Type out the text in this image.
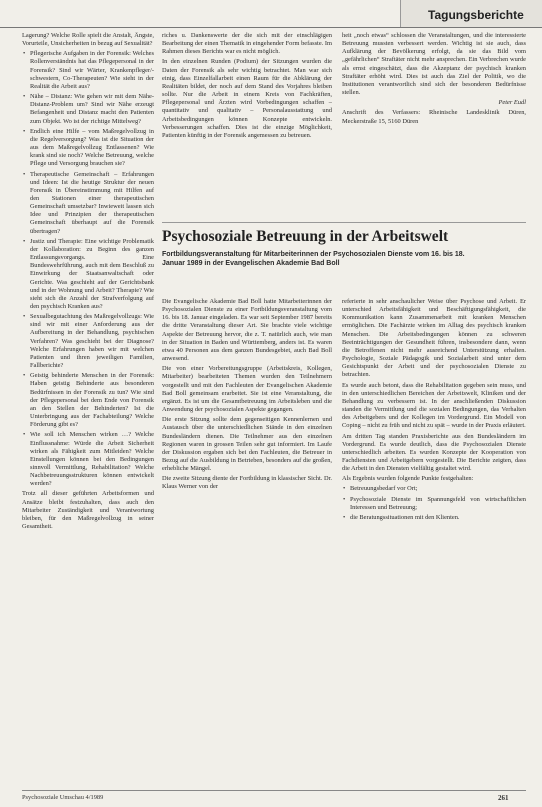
Tagungsberichte

Lagerung? Welche Rolle spielt die Anstalt, Ängste, Vorurteile, Unsicherheiten in bezug auf Sexualität?

• Pflegerische Aufgaben in der Forensik: Welches Rollenverständnis hat das Pflegepersonal in der Forensik? Sind wir Wärter, Krankenpfleger/-schwestern, Co-Therapeuten? Wie sieht in der Realität die Arbeit aus?

• Nähe – Distanz: Wie gehen wir mit dem Nähe-Distanz-Problem um? Sind wir Nähe erzeugt Befangenheit und Distanz macht den Patienten zum Objekt. Wo ist der richtige Mittelweg?

• Endlich eine Hilfe – vom Maßregelvollzug in die Regelversorgung? Was ist die Situation der aus dem Maßregelvollzug Entlassenen? Wie krank sind sie noch? Welche Betreuung, welche Pflege und Versorgung brauchen sie?

• Therapeutische Gemeinschaft – Erfahrungen und Ideen: Ist die heutige Struktur der neuen Forensik in Übereinstimmung mit Hilfen auf den Stationen einer therapeutischen Gemeinschaft umsetzbar? Inwieweit lassen sich Idee und Prinzipien der therapeutischen Gemeinschaft überhaupt auf die Forensik übertragen?

• Justiz und Therapie: Eine wichtige Problematik der Kollaboration: zu Beginn des ganzen Entlassungsvorgangs. Eine Bundeswehrführung, auch mit dem Beschluß zu Einwirkung der Staatsanwaltschaft oder Gerichte. Was geschieht auf der Gerichtsbank und in der Wohnung und Arbeit? Therapie? Wie sieht sich die Anzahl der Strafverfolgung auf den psychisch Kranken aus?

• Sexualbegutachtung des Maßregelvollzugs: Wie sind wir mit einer Anforderung aus der Aufbereitung in der Behandlung, psychischen Verfahren? Was geschieht bei der Diagnose? Welche Erfahrungen haben wir mit welchen Patienten und ihren jeweiligen Familien, Fallberichte?

• Geistig behinderte Menschen in der Forensik: Haben geistig Behinderte aus besonderen Bedürfnissen in der Forensik zu tun? Wie sind der Pflegepersonal bei dem Ende von Forensik an den Stellen der Behinderten? Ist die Unterbringung aus der Fachabteilung? Welche Förderung gibt es?

• Wie soll ich Menschen wirken …? Welche Einflussnahme: Würde die Arbeit Sicherheit wirken als Fähigkeit zum Mitleiden? Welche Einstellungen können bei den Bedingungen sinnvoll Vermittlung, Rehabilitation? Welche Nachbetreuungsstrukturen können entwickelt werden?

Trotz all dieser geführten Arbeitsformen und Ansätze bleibt festzuhalten, dass auch den Mitarbeiter Zuständigkeit und Verantwortung bleiben, für den Maßregelvollzug in seiner Gesamtheit.

riches u. Dankenswerte der die sich mit der einschlägigen Bearbeitung der einen Thematik in eingehender Form befasste. Im Rahmen dieses Berichts war es nicht möglich.

In den einzelnen Runden (Podium) der Sitzungen wurden die Daten der Forensik als sehr wichtig betrachtet. Man war sich einig, dass Einzelfallarbeit einen Raum für die Abklärung der Realitäten bildet, der noch auf dem Stand des Vorjahres bleiben sollte. Nur die Arbeit in einem Kreis von Fachkräften, Pflegepersonal und Ärzten wird Vorbedingungen schaffen – quantitativ und qualitativ – Personalausstattung und Arbeitsbedingungen können Konzepte entwickeln. Verbesserungen schaffen. Dies ist die einzige Möglichkeit, Patienten künftig in der Forensik angemessen zu betreuen.

heit „noch etwas“ schlossen die Veranstaltungen, und die interessierte Betreuung mussten verbessert werden. Wichtig ist sie auch, dass Aufklärung der Bevölkerung erfolgt, da sie das Bild vom „gefährlichen“ Straftäter nicht mehr ansprechen. Ein Verbrechen wurde als ernst eingeschätzt, dass die Akzeptanz der psychisch kranken Straftäter erhöht wird. Dies ist auch das Ziel der Politik, wo die Institutionen verantwortlich sind sich der besonderen Bedürfnisse stellen.

Peter Eudl

Anschrift des Verfassers: Rheinische Landesklinik Düren, Meckerstraße 15, 5160 Düren

Psychosoziale Betreuung in der Arbeitswelt
Fortbildungsveranstaltung für Mitarbeiterinnen der Psychosozialen Dienste vom 16. bis 18. Januar 1989 in der Evangelischen Akademie Bad Boll

Die Evangelische Akademie Bad Boll hatte Mitarbeiterinnen der Psychosozialen Dienste zu einer Fortbildungsveranstaltung vom 16. bis 18. Januar eingeladen. Es war seit September 1987 bereits die dritte Veranstaltung dieser Art. Sie brachte viele wichtige Aspekte der Betreuung hervor, die z. T. natürlich auch, wie man in der Situation in Baden und Württemberg, anders ist. Es waren etwa 40 Personen aus dem ganzen Bundesgebiet, auch Bad Boll anwesend.

Die von einer Vorbereitungsgruppe (Arbeitskreis, Kollegen, Mitarbeiter) bearbeiteten Themen wurden den Teilnehmern vorgestellt und mit den Fachleuten der Evangelischen Akademie Bad Boll gemeinsam erarbeitet. Sie ist eine Veranstaltung, die ergänzt. Es ist um die Gesamtbetreuung im Arbeitsleben und die Anwendung der psychosozialen Aspekte gegangen.

Die erste Sitzung sollte dem gegenseitigen Kennenlernen und Austausch über die unterschiedlichen Stände in den einzelnen Bundesländern dienen. Die Teilnehmer aus den einzelnen Regionen waren in grossen Teilen sehr gut informiert. Im Laufe der Diskussion ergaben sich bei den Fachleuten, die Betreuer in Bezug auf die Ausbildung in Betrieben, besonders auf die großen, erhebliche Mängel.

Die zweite Sitzung diente der Fortbildung in klassischer Sicht. Dr. Klaus Werner von der

referierte in sehr anschaulicher Weise über Psychose und Arbeit. Er unterschied Arbeitsfähigkeit und Beschäftigungsfähigkeit, die Kommunikation kann Zusammenarbeit mit kranken Menschen ermöglichen. Die Fachärzte wirken im Alltag des psychisch kranken Menschen. Die Arbeitsbedingungen können zu schweren Beeinträchtigungen der Gesundheit führen, insbesondere dann, wenn die Betroffenen nicht mehr ausreichend Unterstützung erhalten. Psychologie, Soziale Pädagogik und Sozialarbeit sind unter dem Gesichtspunkt der Arbeit und der psychosozialen Dienste zu betrachten.

Es wurde auch betont, dass die Rehabilitation gegeben sein muss, und in den unterschiedlichen Bereichen der Arbeitswelt, Kliniken und der Behandlung zu verbessern ist. In der anschließenden Diskussion standen die Vermittlung und die sozialen Bedingungen, das Verhalten des Arbeitgebers und der Kollegen im Vordergrund. Ein Modell von Coping – nicht zu früh und nicht zu spät – wurde in der Praxis erläutert.

Am dritten Tag standen Praxisberichte aus den Bundesländern im Vordergrund. Es wurde deutlich, dass die Psychosozialen Dienste unterschiedlich arbeiten. Es wurden Konzepte der Kooperation von Fachdiensten und Arbeitgebern vorgestellt. Die Berichte zeigten, dass die Arbeit in den Diensten vielfältig gestaltet wird.

Als Ergebnis wurden folgende Punkte festgehalten:

• Betreuungsbedarf vor Ort;

• Psychosoziale Dienste im Spannungsfeld von wirtschaftlichen Interessen und Betreuung;

• die Beratungssituationen mit den Klienten.

Psychosoziale Umschau 4/1989	261
